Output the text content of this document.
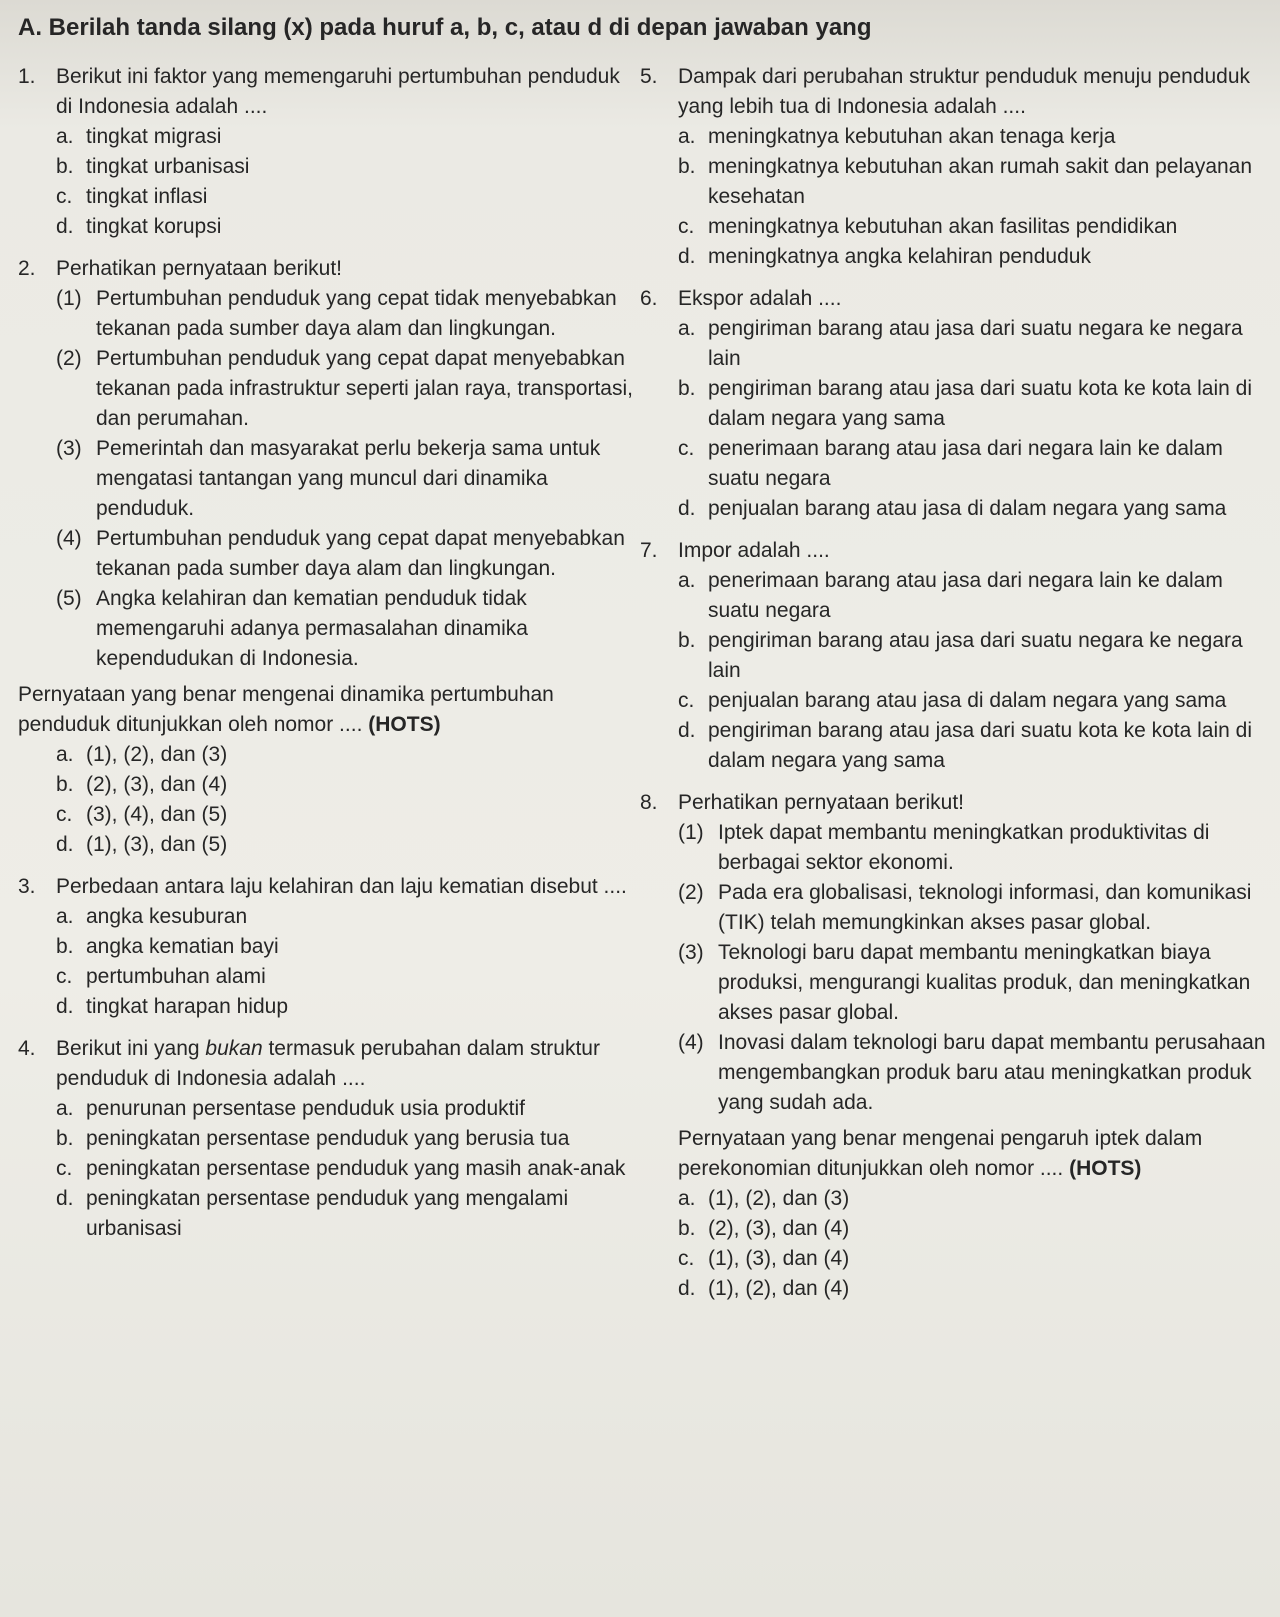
A. Berilah tanda silang (x) pada huruf a, b, c, atau d di depan jawaban yang
1. Berikut ini faktor yang memengaruhi pertumbuhan penduduk di Indonesia adalah ....
a. tingkat migrasi
b. tingkat urbanisasi
c. tingkat inflasi
d. tingkat korupsi
2. Perhatikan pernyataan berikut!
(1) Pertumbuhan penduduk yang cepat tidak menyebabkan tekanan pada sumber daya alam dan lingkungan.
(2) Pertumbuhan penduduk yang cepat dapat menyebabkan tekanan pada infrastruktur seperti jalan raya, transportasi, dan perumahan.
(3) Pemerintah dan masyarakat perlu bekerja sama untuk mengatasi tantangan yang muncul dari dinamika penduduk.
(4) Pertumbuhan penduduk yang cepat dapat menyebabkan tekanan pada sumber daya alam dan lingkungan.
(5) Angka kelahiran dan kematian penduduk tidak memengaruhi adanya permasalahan dinamika kependudukan di Indonesia.
Pernyataan yang benar mengenai dinamika pertumbuhan penduduk ditunjukkan oleh nomor .... (HOTS)
a. (1), (2), dan (3)
b. (2), (3), dan (4)
c. (3), (4), dan (5)
d. (1), (3), dan (5)
3. Perbedaan antara laju kelahiran dan laju kematian disebut ....
a. angka kesuburan
b. angka kematian bayi
c. pertumbuhan alami
d. tingkat harapan hidup
4. Berikut ini yang bukan termasuk perubahan dalam struktur penduduk di Indonesia adalah ....
a. penurunan persentase penduduk usia produktif
b. peningkatan persentase penduduk yang berusia tua
c. peningkatan persentase penduduk yang masih anak-anak
d. peningkatan persentase penduduk yang mengalami urbanisasi
5. Dampak dari perubahan struktur penduduk menuju penduduk yang lebih tua di Indonesia adalah ....
a. meningkatnya kebutuhan akan tenaga kerja
b. meningkatnya kebutuhan akan rumah sakit dan pelayanan kesehatan
c. meningkatnya kebutuhan akan fasilitas pendidikan
d. meningkatnya angka kelahiran penduduk
6. Ekspor adalah ....
a. pengiriman barang atau jasa dari suatu negara ke negara lain
b. pengiriman barang atau jasa dari suatu kota ke kota lain di dalam negara yang sama
c. penerimaan barang atau jasa dari negara lain ke dalam suatu negara
d. penjualan barang atau jasa di dalam negara yang sama
7. Impor adalah ....
a. penerimaan barang atau jasa dari negara lain ke dalam suatu negara
b. pengiriman barang atau jasa dari suatu negara ke negara lain
c. penjualan barang atau jasa di dalam negara yang sama
d. pengiriman barang atau jasa dari suatu kota ke kota lain di dalam negara yang sama
8. Perhatikan pernyataan berikut!
(1) Iptek dapat membantu meningkatkan produktivitas di berbagai sektor ekonomi.
(2) Pada era globalisasi, teknologi informasi, dan komunikasi (TIK) telah memungkinkan akses pasar global.
(3) Teknologi baru dapat membantu meningkatkan biaya produksi, mengurangi kualitas produk, dan meningkatkan akses pasar global.
(4) Inovasi dalam teknologi baru dapat membantu perusahaan mengembangkan produk baru atau meningkatkan produk yang sudah ada.
Pernyataan yang benar mengenai pengaruh iptek dalam perekonomian ditunjukkan oleh nomor .... (HOTS)
a. (1), (2), dan (3)
b. (2), (3), dan (4)
c. (1), (3), dan (4)
d. (1), (2), dan (4)
